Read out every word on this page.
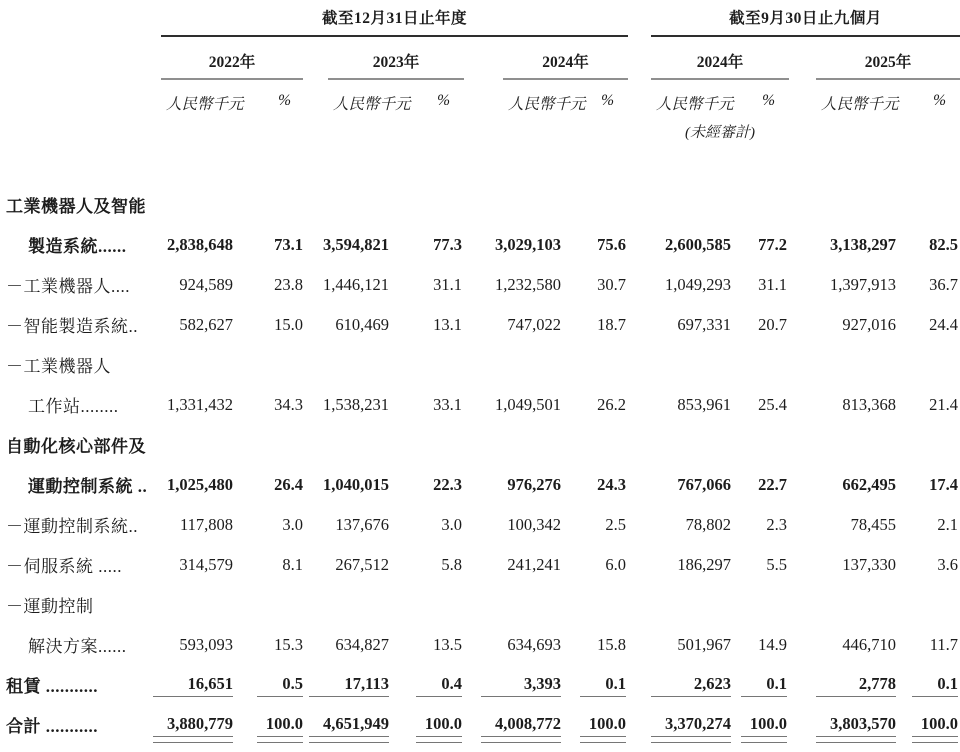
截至12月31日止年度	截至9月30日止九個月
2022年	2023年	2024年	2024年	2025年
人民幣千元	%	人民幣千元	%	人民幣千元	%	人民幣千元	%	人民幣千元	%
(未經審計)
工業機器人及智能
製造系統......	2,838,648	73.1	3,594,821	77.3	3,029,103	75.6	2,600,585	77.2	3,138,297	82.5
－工業機器人....	924,589	23.8	1,446,121	31.1	1,232,580	30.7	1,049,293	31.1	1,397,913	36.7
－智能製造系統..	582,627	15.0	610,469	13.1	747,022	18.7	697,331	20.7	927,016	24.4
－工業機器人
工作站........	1,331,432	34.3	1,538,231	33.1	1,049,501	26.2	853,961	25.4	813,368	21.4
自動化核心部件及
運動控制系統 ..	1,025,480	26.4	1,040,015	22.3	976,276	24.3	767,066	22.7	662,495	17.4
－運動控制系統..	117,808	3.0	137,676	3.0	100,342	2.5	78,802	2.3	78,455	2.1
－伺服系統 .....	314,579	8.1	267,512	5.8	241,241	6.0	186,297	5.5	137,330	3.6
－運動控制
解決方案......	593,093	15.3	634,827	13.5	634,693	15.8	501,967	14.9	446,710	11.7
租賃 ...........	16,651	0.5	17,113	0.4	3,393	0.1	2,623	0.1	2,778	0.1
合計 ...........	3,880,779	100.0	4,651,949	100.0	4,008,772	100.0	3,370,274	100.0	3,803,570	100.0
